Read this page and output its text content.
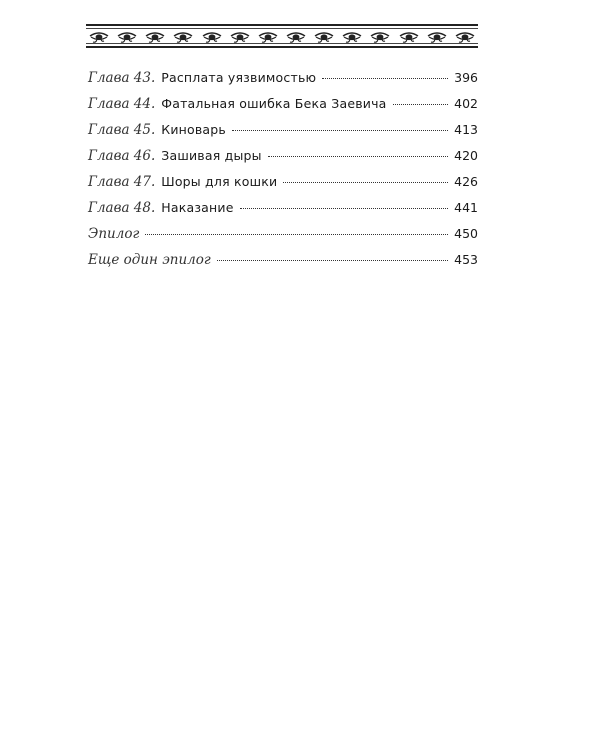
Глава 43. Расплата уязвимостью	396
Глава 44. Фатальная ошибка Бека Заевича	402
Глава 45. Киноварь	413
Глава 46. Зашивая дыры	420
Глава 47. Шоры для кошки	426
Глава 48. Наказание	441
Эпилог	450
Еще один эпилог	453
